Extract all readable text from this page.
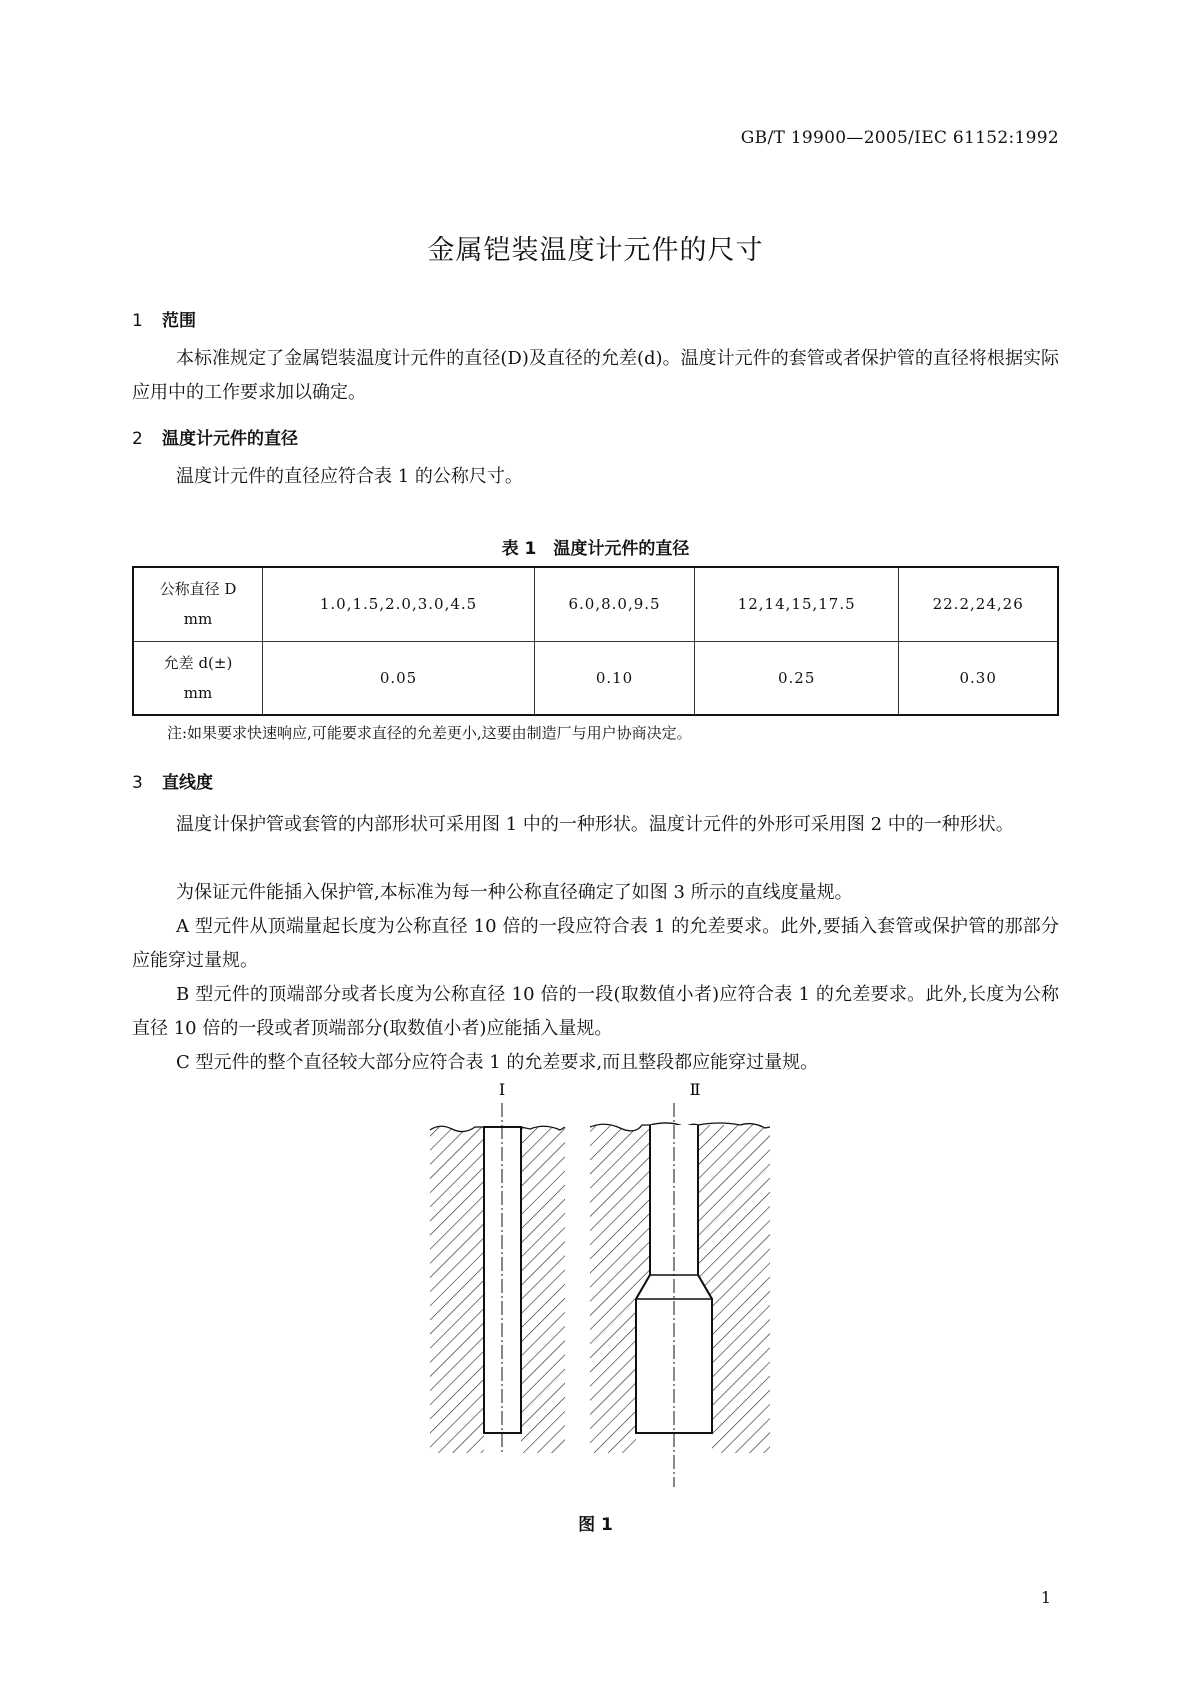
GB/T 19900—2005/IEC 61152:1992
金属铠装温度计元件的尺寸
1 范围
本标准规定了金属铠装温度计元件的直径(D)及直径的允差(d)。温度计元件的套管或者保护管的直径将根据实际应用中的工作要求加以确定。
2 温度计元件的直径
温度计元件的直径应符合表 1 的公称尺寸。
表 1　温度计元件的直径
公称直径 D
mm	1.0,1.5,2.0,3.0,4.5	6.0,8.0,9.5	12,14,15,17.5	22.2,24,26

允差 d(±)
mm	0.05	0.10	0.25	0.30
注:如果要求快速响应,可能要求直径的允差更小,这要由制造厂与用户协商决定。
3 直线度
温度计保护管或套管的内部形状可采用图 1 中的一种形状。温度计元件的外形可采用图 2 中的一种形状。
为保证元件能插入保护管,本标准为每一种公称直径确定了如图 3 所示的直线度量规。
A 型元件从顶端量起长度为公称直径 10 倍的一段应符合表 1 的允差要求。此外,要插入套管或保护管的那部分应能穿过量规。
B 型元件的顶端部分或者长度为公称直径 10 倍的一段(取数值小者)应符合表 1 的允差要求。此外,长度为公称直径 10 倍的一段或者顶端部分(取数值小者)应能插入量规。
C 型元件的整个直径较大部分应符合表 1 的允差要求,而且整段都应能穿过量规。
Ⅰ	Ⅱ
图 1
1
